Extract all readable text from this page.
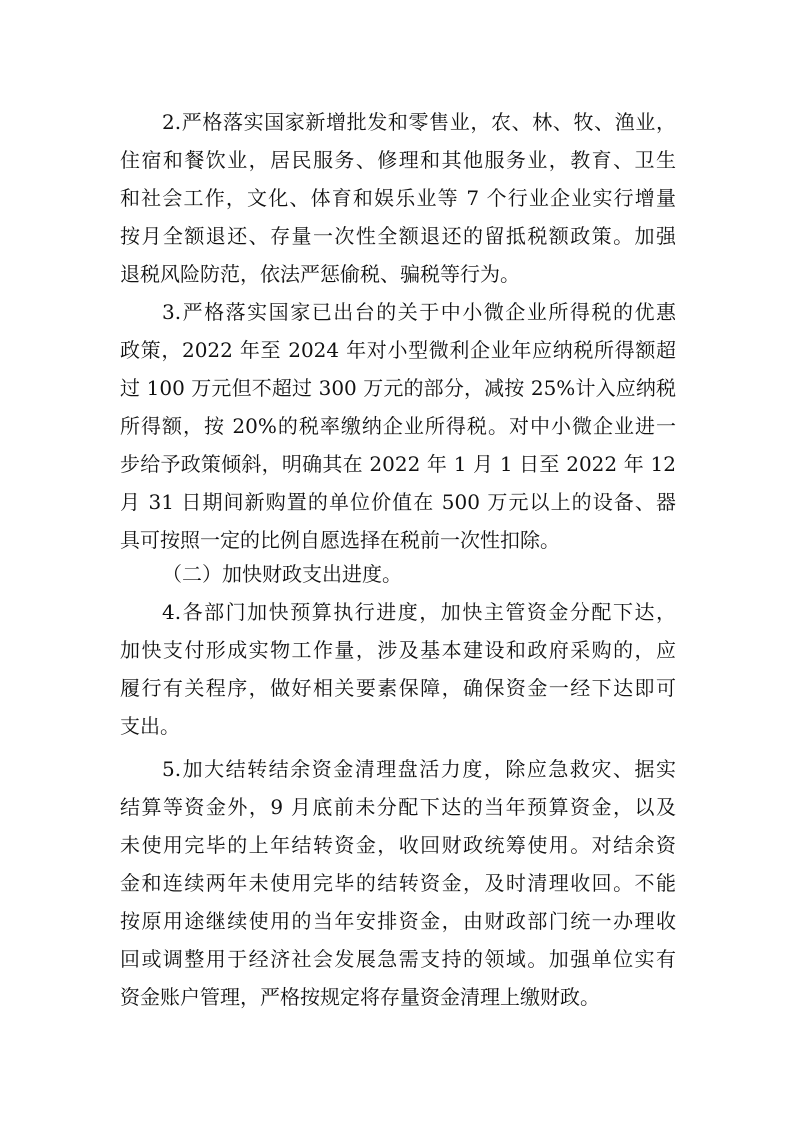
2.严格落实国家新增批发和零售业，农、林、牧、渔业，
住宿和餐饮业，居民服务、修理和其他服务业，教育、卫生
和社会工作，文化、体育和娱乐业等 7 个行业企业实行增量
按月全额退还、存量一次性全额退还的留抵税额政策。加强
退税风险防范，依法严惩偷税、骗税等行为。
3.严格落实国家已出台的关于中小微企业所得税的优惠
政策，2022 年至 2024 年对小型微利企业年应纳税所得额超
过 100 万元但不超过 300 万元的部分，减按 25%计入应纳税
所得额，按 20%的税率缴纳企业所得税。对中小微企业进一
步给予政策倾斜，明确其在 2022 年 1 月 1 日至 2022 年 12
月 31 日期间新购置的单位价值在 500 万元以上的设备、器
具可按照一定的比例自愿选择在税前一次性扣除。
（二）加快财政支出进度。
4.各部门加快预算执行进度，加快主管资金分配下达，
加快支付形成实物工作量，涉及基本建设和政府采购的，应
履行有关程序，做好相关要素保障，确保资金一经下达即可
支出。
5.加大结转结余资金清理盘活力度，除应急救灾、据实
结算等资金外，9 月底前未分配下达的当年预算资金，以及
未使用完毕的上年结转资金，收回财政统筹使用。对结余资
金和连续两年未使用完毕的结转资金，及时清理收回。不能
按原用途继续使用的当年安排资金，由财政部门统一办理收
回或调整用于经济社会发展急需支持的领域。加强单位实有
资金账户管理，严格按规定将存量资金清理上缴财政。
